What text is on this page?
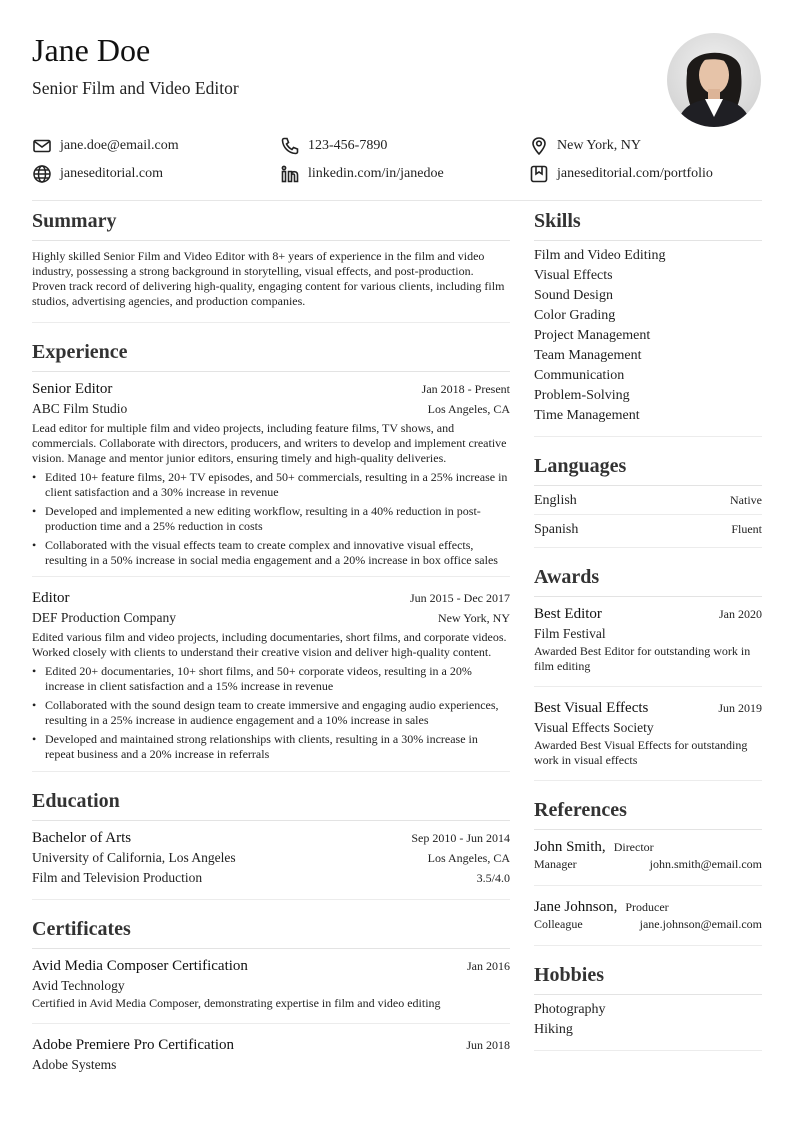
Jane Doe
Senior Film and Video Editor
jane.doe@email.com	123-456-7890	New York, NY
janeseditorial.com	linkedin.com/in/janedoe	janeseditorial.com/portfolio
Summary
Highly skilled Senior Film and Video Editor with 8+ years of experience in the film and video industry, possessing a strong background in storytelling, visual effects, and post-production. Proven track record of delivering high-quality, engaging content for various clients, including film studios, advertising agencies, and production companies.
Experience
Senior Editor	Jan 2018 - Present
ABC Film Studio	Los Angeles, CA
Lead editor for multiple film and video projects, including feature films, TV shows, and commercials. Collaborate with directors, producers, and writers to develop and implement creative vision. Manage and mentor junior editors, ensuring timely and high-quality deliveries.
• Edited 10+ feature films, 20+ TV episodes, and 50+ commercials, resulting in a 25% increase in client satisfaction and a 30% increase in revenue
• Developed and implemented a new editing workflow, resulting in a 40% reduction in post-production time and a 25% reduction in costs
• Collaborated with the visual effects team to create complex and innovative visual effects, resulting in a 50% increase in social media engagement and a 20% increase in box office sales
Editor	Jun 2015 - Dec 2017
DEF Production Company	New York, NY
Edited various film and video projects, including documentaries, short films, and corporate videos. Worked closely with clients to understand their creative vision and deliver high-quality content.
• Edited 20+ documentaries, 10+ short films, and 50+ corporate videos, resulting in a 20% increase in client satisfaction and a 15% increase in revenue
• Collaborated with the sound design team to create immersive and engaging audio experiences, resulting in a 25% increase in audience engagement and a 10% increase in sales
• Developed and maintained strong relationships with clients, resulting in a 30% increase in repeat business and a 20% increase in referrals
Education
Bachelor of Arts	Sep 2010 - Jun 2014
University of California, Los Angeles	Los Angeles, CA
Film and Television Production	3.5/4.0
Certificates
Avid Media Composer Certification	Jan 2016
Avid Technology
Certified in Avid Media Composer, demonstrating expertise in film and video editing
Adobe Premiere Pro Certification	Jun 2018
Adobe Systems
Skills
Film and Video Editing
Visual Effects
Sound Design
Color Grading
Project Management
Team Management
Communication
Problem-Solving
Time Management
Languages
English	Native
Spanish	Fluent
Awards
Best Editor	Jan 2020
Film Festival
Awarded Best Editor for outstanding work in film editing
Best Visual Effects	Jun 2019
Visual Effects Society
Awarded Best Visual Effects for outstanding work in visual effects
References
John Smith, Director
Manager	john.smith@email.com
Jane Johnson, Producer
Colleague	jane.johnson@email.com
Hobbies
Photography
Hiking
